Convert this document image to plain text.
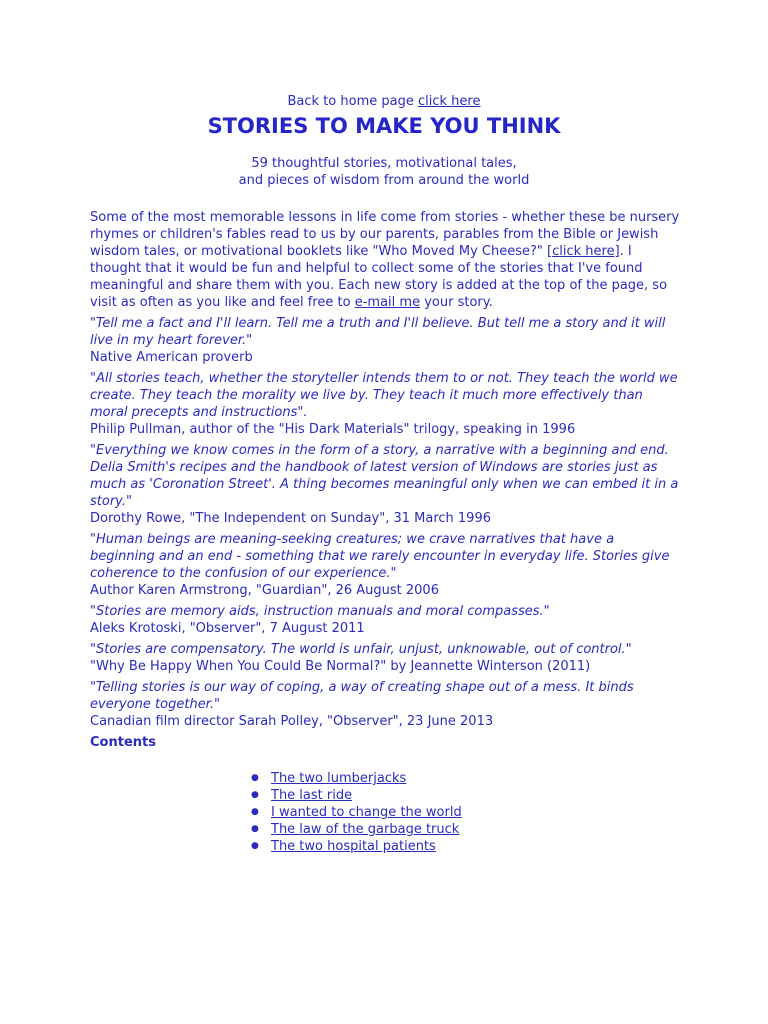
Back to home page click here
STORIES TO MAKE YOU THINK
59 thoughtful stories, motivational tales,
and pieces of wisdom from around the world

Some of the most memorable lessons in life come from stories - whether these be nursery rhymes or children's fables read to us by our parents, parables from the Bible or Jewish wisdom tales, or motivational booklets like "Who Moved My Cheese?" [click here]. I thought that it would be fun and helpful to collect some of the stories that I've found meaningful and share them with you. Each new story is added at the top of the page, so visit as often as you like and feel free to e-mail me your story.

"Tell me a fact and I'll learn. Tell me a truth and I'll believe. But tell me a story and it will live in my heart forever."
Native American proverb
"All stories teach, whether the storyteller intends them to or not. They teach the world we create. They teach the morality we live by. They teach it much more effectively than moral precepts and instructions".
Philip Pullman, author of the "His Dark Materials" trilogy, speaking in 1996
"Everything we know comes in the form of a story, a narrative with a beginning and end. Delia Smith's recipes and the handbook of latest version of Windows are stories just as much as 'Coronation Street'. A thing becomes meaningful only when we can embed it in a story."
Dorothy Rowe, "The Independent on Sunday", 31 March 1996
"Human beings are meaning-seeking creatures; we crave narratives that have a beginning and an end - something that we rarely encounter in everyday life. Stories give coherence to the confusion of our experience."
Author Karen Armstrong, "Guardian", 26 August 2006
"Stories are memory aids, instruction manuals and moral compasses."
Aleks Krotoski, "Observer", 7 August 2011
"Stories are compensatory. The world is unfair, unjust, unknowable, out of control."
"Why Be Happy When You Could Be Normal?" by Jeannette Winterson (2011)
"Telling stories is our way of coping, a way of creating shape out of a mess. It binds everyone together."
Canadian film director Sarah Polley, "Observer", 23 June 2013
Contents
● The two lumberjacks
● The last ride
● I wanted to change the world
● The law of the garbage truck
● The two hospital patients
